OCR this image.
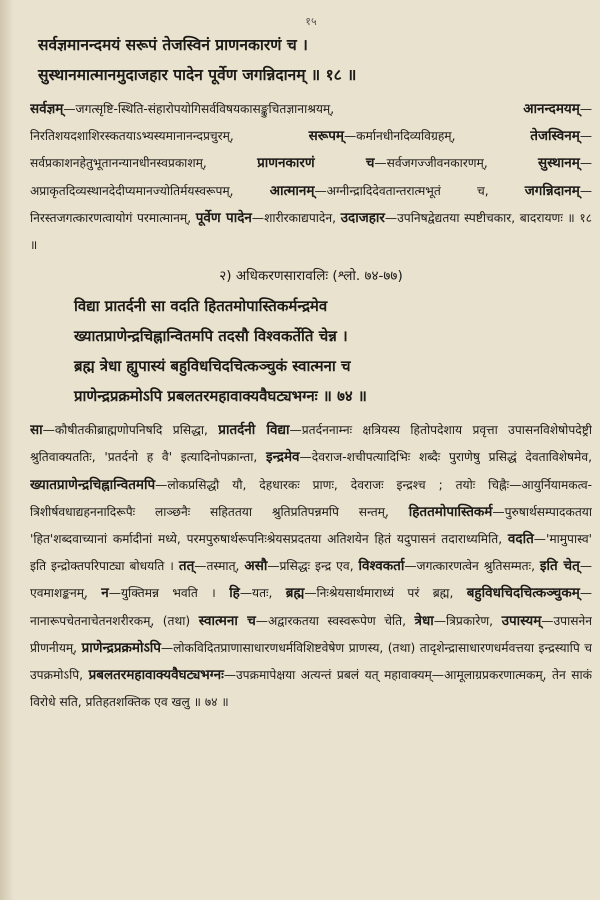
१५
सर्वज्ञमानन्दमयं सरूपं तेजस्विनं प्राणनकारणं च ।
सुस्थानमात्मानमुदाजहार पादेन पूर्वेण जगन्निदानम् ॥ १८ ॥
सर्वज्ञम्—जगत्सृष्टि-स्थिति-संहारोपयोगिसर्वविषयकासङ्कुचितज्ञानाश्रयम्, आनन्दमयम्—निरतिशयदशाशिरस्कतयाऽभ्यस्यमानानन्दप्रचुरम्, सरूपम्—कर्मानधीनदिव्यविग्रहम्, तेजस्विनम्—सर्वप्रकाशनहेतुभूतानन्यानधीनस्वप्रकाशम्, प्राणनकारणं च—सर्वजगज्जीवनकारणम्, सुस्थानम्—अप्राकृतदिव्यस्थानदेदीप्यमानज्योतिर्मयस्वरूपम्, आत्मानम्—अग्नीन्द्रादिदेवतान्तरात्मभूतं च, जगन्निदानम्—निरस्तजगत्कारणत्वायोगं परमात्मानम्, पूर्वेण पादेन—शारीरकाद्यपादेन, उदाजहार—उपनिषद्वेद्यतया स्पष्टीचकार, बादरायणः ॥ १८ ॥
२) अधिकरणसारावलिः (श्लो. ७४-७७)
विद्या प्रातर्दनी सा वदति हिततमोपास्तिकर्मन्द्रमेव
ख्यातप्राणेन्द्रचिह्नान्वितमपि तदसौ विश्वकर्तेति चेन्न ।
ब्रह्म त्रेधा ह्युपास्यं बहुविधचिदचित्कञ्चुकं स्वात्मना च
प्राणेन्द्रप्रक्रमोऽपि प्रबलतरमहावाक्यवैघट्यभग्नः ॥ ७४ ॥
सा—कौषीतकीब्राह्मणोपनिषदि प्रसिद्धा, प्रातर्दनी विद्या—प्रतर्दननाम्नः क्षत्रियस्य हितोपदेशाय प्रवृत्ता उपासनविशेषोपदेष्ट्री श्रुतिवाक्यततिः, 'प्रतर्दनो ह वै' इत्यादिनोपक्रान्ता, इन्द्रमेव—देवराज-शचीपत्यादिभिः शब्दैः पुराणेषु प्रसिद्धं देवताविशेषमेव, ख्यातप्राणेन्द्रचिह्नान्वितमपि—लोकप्रसिद्धौ यौ, देहधारकः प्राणः, देवराजः इन्द्रश्च ; तयोः चिह्नैः—आयुर्नियामकत्व-त्रिशीर्षवधाद्यहननादिरूपैः लाञ्छनैः सहिततया श्रुतिप्रतिपन्नमपि सन्तम्, हिततमोपास्तिकर्म—पुरुषार्थसम्पादकतया 'हित'शब्दवाच्यानां कर्मादीनां मध्ये, परमपुरुषार्थरूपनिःश्रेयसप्रदतया अतिशयेन हितं यदुपासनं तदाराध्यमिति, वदति—'मामुपास्व' इति इन्द्रोक्तपरिपाट्या बोधयति । तत्—तस्मात्, असौ—प्रसिद्धः इन्द्र एव, विश्वकर्ता—जगत्कारणत्वेन श्रुतिसम्मतः, इति चेत्—एवमाशङ्कनम्, न—युक्तिमन्न भवति । हि—यतः, ब्रह्म—निःश्रेयसार्थमाराध्यं परं ब्रह्म, बहुविधचिदचित्कञ्चुकम्—नानारूपचेतनाचेतनशरीरकम्, (तथा) स्वात्मना च—अद्वारकतया स्वस्वरूपेण चेति, त्रेधा—त्रिप्रकारेण, उपास्यम्—उपासनेन प्रीणनीयम्, प्राणेन्द्रप्रक्रमोऽपि—लोकविदितप्राणासाधारणधर्मविशिष्टवेषेण प्राणस्य, (तथा) तादृशेन्द्रासाधारणधर्मवत्तया इन्द्रस्यापि च उपक्रमोऽपि, प्रबलतरमहावाक्यवैघट्यभग्नः—उपक्रमापेक्षया अत्यन्तं प्रबलं यत् महावाक्यम्—आमूलाग्रप्रकरणात्मकम्, तेन साकं विरोधे सति, प्रतिहतशक्तिक एव खलु ॥ ७४ ॥
